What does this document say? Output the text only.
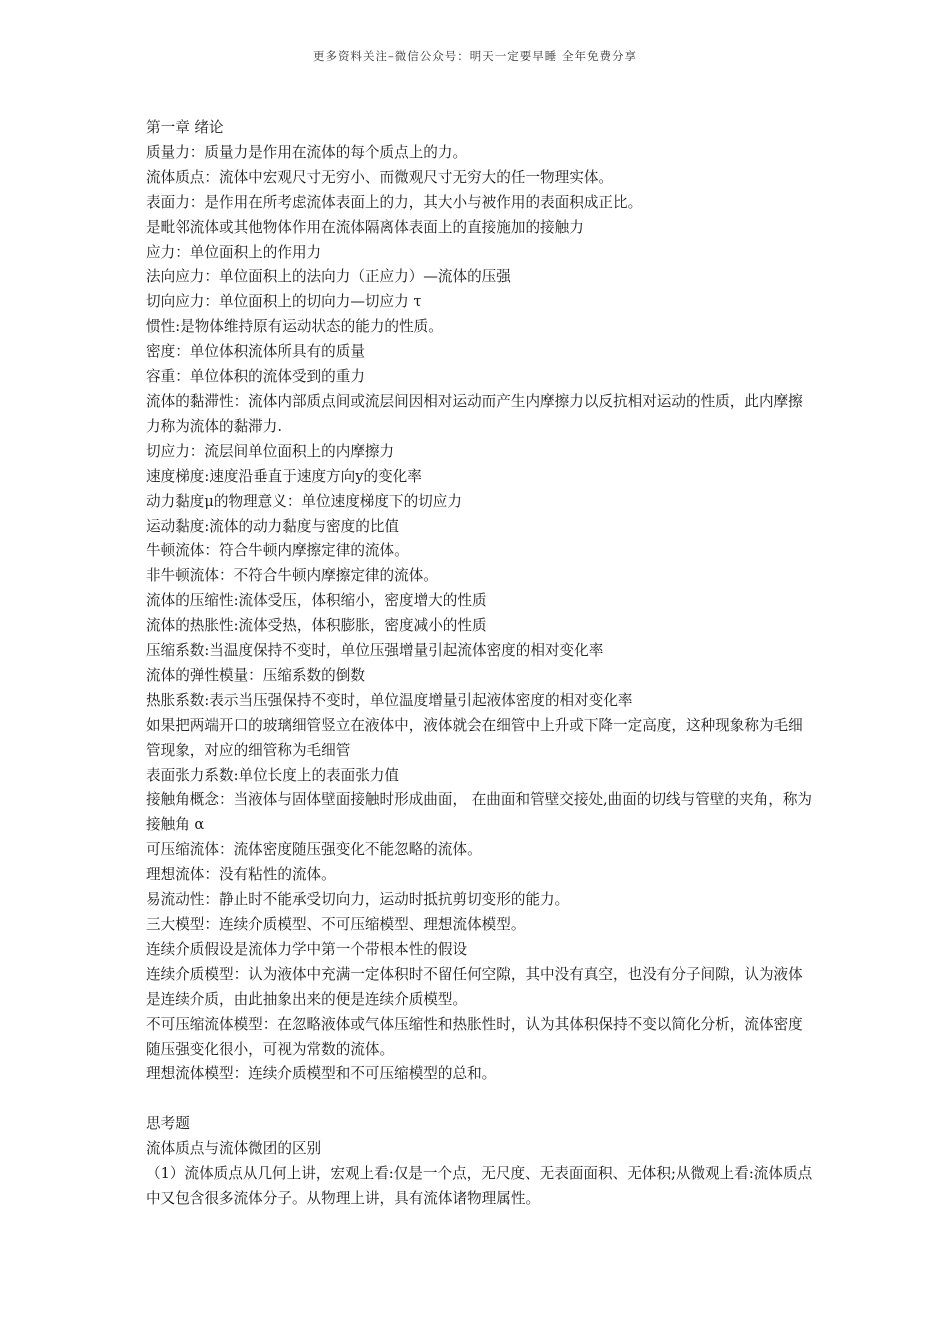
更多资料关注–微信公众号：明天一定要早睡 全年免费分享
第一章 绪论
质量力：质量力是作用在流体的每个质点上的力。
流体质点：流体中宏观尺寸无穷小、而微观尺寸无穷大的任一物理实体。
表面力：是作用在所考虑流体表面上的力，其大小与被作用的表面积成正比。
是毗邻流体或其他物体作用在流体隔离体表面上的直接施加的接触力
应力：单位面积上的作用力
法向应力：单位面积上的法向力（正应力）—流体的压强
切向应力：单位面积上的切向力—切应力 τ
惯性:是物体维持原有运动状态的能力的性质。
密度：单位体积流体所具有的质量
容重：单位体积的流体受到的重力
流体的黏滞性：流体内部质点间或流层间因相对运动而产生内摩擦力以反抗相对运动的性质，此内摩擦力称为流体的黏滞力.
切应力：流层间单位面积上的内摩擦力
速度梯度:速度沿垂直于速度方向y的变化率
动力黏度μ的物理意义：单位速度梯度下的切应力
运动黏度:流体的动力黏度与密度的比值
牛顿流体：符合牛顿内摩擦定律的流体。
非牛顿流体：不符合牛顿内摩擦定律的流体。
流体的压缩性:流体受压，体积缩小，密度增大的性质
流体的热胀性:流体受热，体积膨胀，密度减小的性质
压缩系数:当温度保持不变时，单位压强增量引起流体密度的相对变化率
流体的弹性模量：压缩系数的倒数
热胀系数:表示当压强保持不变时，单位温度增量引起液体密度的相对变化率
如果把两端开口的玻璃细管竖立在液体中，液体就会在细管中上升或下降一定高度，这种现象称为毛细管现象，对应的细管称为毛细管
表面张力系数:单位长度上的表面张力值
接触角概念：当液体与固体壁面接触时形成曲面， 在曲面和管壁交接处,曲面的切线与管壁的夹角，称为接触角 α
可压缩流体：流体密度随压强变化不能忽略的流体。
理想流体：没有粘性的流体。
易流动性：静止时不能承受切向力，运动时抵抗剪切变形的能力。
三大模型：连续介质模型、不可压缩模型、理想流体模型。
连续介质假设是流体力学中第一个带根本性的假设
连续介质模型：认为液体中充满一定体积时不留任何空隙，其中没有真空，也没有分子间隙，认为液体是连续介质，由此抽象出来的便是连续介质模型。
不可压缩流体模型：在忽略液体或气体压缩性和热胀性时，认为其体积保持不变以简化分析，流体密度随压强变化很小，可视为常数的流体。
理想流体模型：连续介质模型和不可压缩模型的总和。
思考题
流体质点与流体微团的区别
（1）流体质点从几何上讲，宏观上看:仅是一个点，无尺度、无表面面积、无体积;从微观上看:流体质点中又包含很多流体分子。从物理上讲，具有流体诸物理属性。
